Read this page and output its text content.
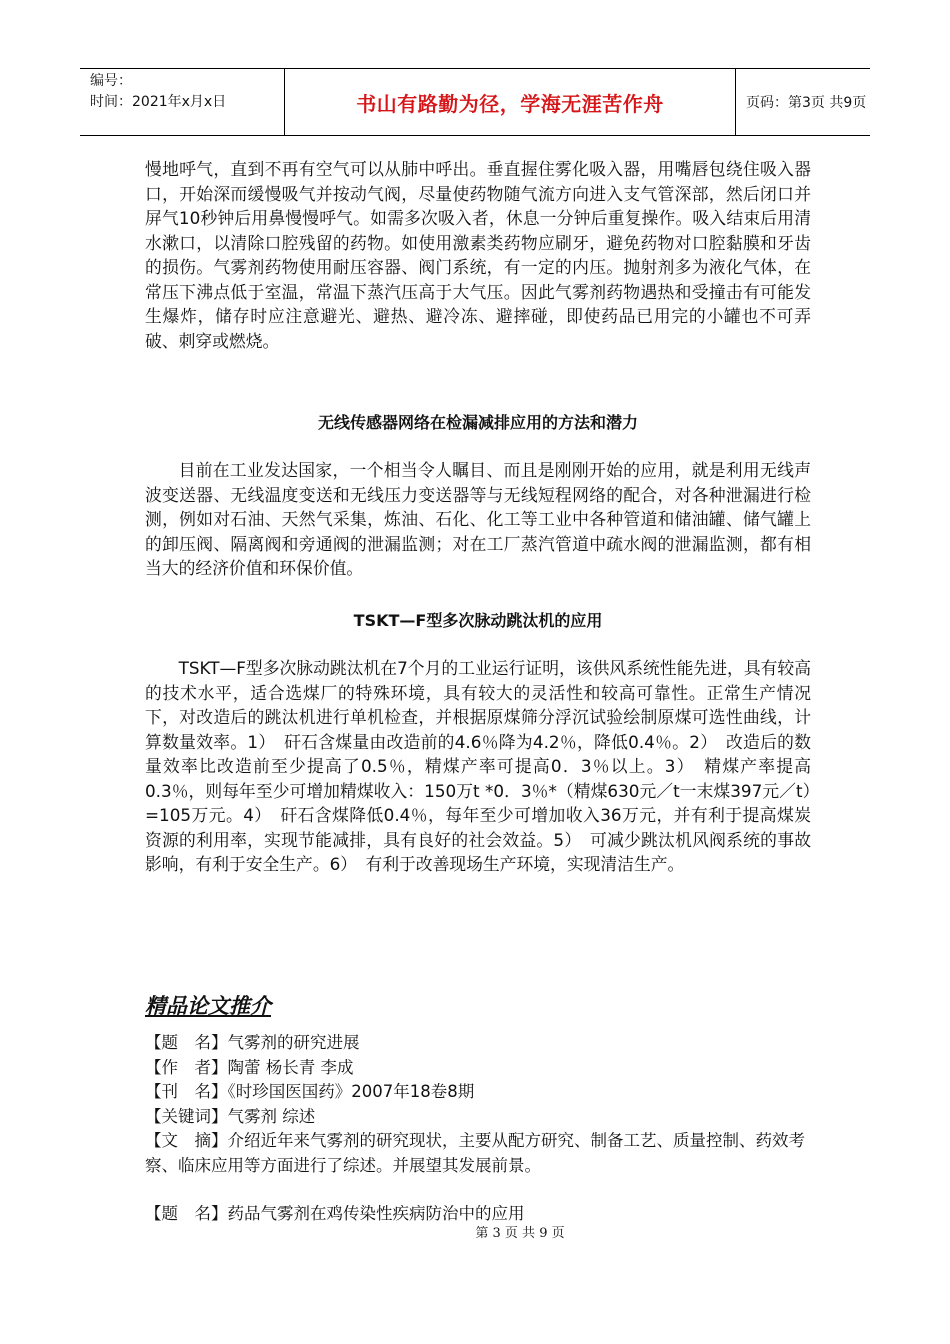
编号：
时间：2021年x月x日	书山有路勤为径，学海无涯苦作舟	页码：第3页 共9页

慢地呼气，直到不再有空气可以从肺中呼出。垂直握住雾化吸入器，用嘴唇包绕住吸入器口，开始深而缓慢吸气并按动气阀，尽量使药物随气流方向进入支气管深部，然后闭口并屏气10秒钟后用鼻慢慢呼气。如需多次吸入者，休息一分钟后重复操作。吸入结束后用清水漱口，以清除口腔残留的药物。如使用激素类药物应刷牙，避免药物对口腔黏膜和牙齿的损伤。气雾剂药物使用耐压容器、阀门系统，有一定的内压。抛射剂多为液化气体，在常压下沸点低于室温，常温下蒸汽压高于大气压。因此气雾剂药物遇热和受撞击有可能发生爆炸，储存时应注意避光、避热、避冷冻、避摔碰，即使药品已用完的小罐也不可弄破、刺穿或燃烧。

无线传感器网络在检漏减排应用的方法和潜力

目前在工业发达国家，一个相当令人瞩目、而且是刚刚开始的应用，就是利用无线声波变送器、无线温度变送和无线压力变送器等与无线短程网络的配合，对各种泄漏进行检测，例如对石油、天然气采集，炼油、石化、化工等工业中各种管道和储油罐、储气罐上的卸压阀、隔离阀和旁通阀的泄漏监测；对在工厂蒸汽管道中疏水阀的泄漏监测，都有相当大的经济价值和环保价值。

TSKT—F型多次脉动跳汰机的应用

TSKT—F型多次脉动跳汰机在7个月的工业运行证明，该供风系统性能先进，具有较高的技术水平，适合选煤厂的特殊环境，具有较大的灵活性和较高可靠性。正常生产情况下，对改造后的跳汰机进行单机检查，并根据原煤筛分浮沉试验绘制原煤可选性曲线，计算数量效率。1）　矸石含煤量由改造前的4.6％降为4.2％，降低0.4％。2）　改造后的数量效率比改造前至少提高了0.5％，精煤产率可提高0．3％以上。3）　精煤产率提高0.3％，则每年至少可增加精煤收入：150万t *0．3％*（精煤630元／t一末煤397元／t）=105万元。4）　矸石含煤降低0.4％，每年至少可增加收入36万元，并有利于提高煤炭资源的利用率，实现节能减排，具有良好的社会效益。5）　可减少跳汰机风阀系统的事故影响，有利于安全生产。6）　有利于改善现场生产环境，实现清洁生产。

精品论文推介
【题　名】气雾剂的研究进展
【作　者】陶蕾 杨长青 李成
【刊　名】《时珍国医国药》2007年18卷8期
【关键词】气雾剂 综述
【文　摘】介绍近年来气雾剂的研究现状，主要从配方研究、制备工艺、质量控制、药效考察、临床应用等方面进行了综述。并展望其发展前景。
【题　名】药品气雾剂在鸡传染性疾病防治中的应用
第 3 页 共 9 页
